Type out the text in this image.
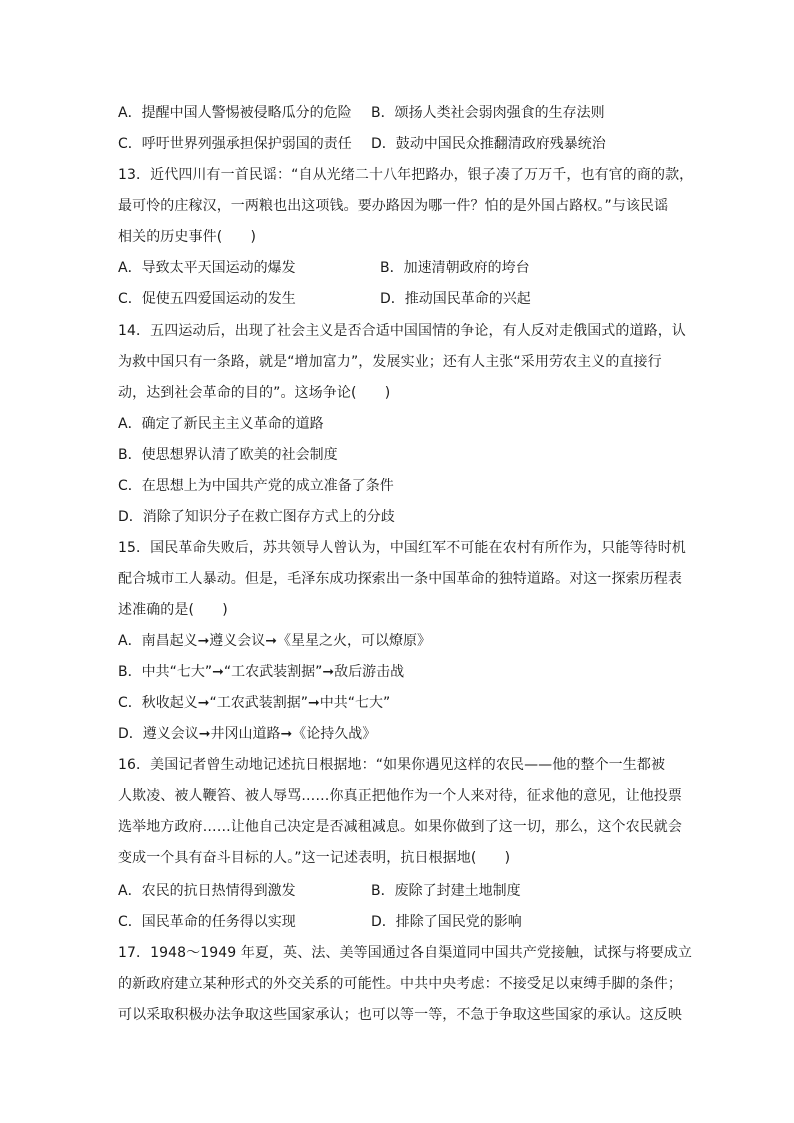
A．提醒中国人警惕被侵略瓜分的危险 B．颂扬人类社会弱肉强食的生存法则
C．呼吁世界列强承担保护弱国的责任 D．鼓动中国民众推翻清政府残暴统治
13．近代四川有一首民谣：“自从光绪二十八年把路办，银子凑了万万千，也有官的商的款，
最可怜的庄稼汉，一两粮也出这项钱。要办路因为哪一件？怕的是外国占路权。”与该民谣
相关的历史事件(　　)
A．导致太平天国运动的爆发	B．加速清朝政府的垮台
C．促使五四爱国运动的发生	D．推动国民革命的兴起
14．五四运动后，出现了社会主义是否合适中国国情的争论，有人反对走俄国式的道路，认
为救中国只有一条路，就是“增加富力”，发展实业；还有人主张“采用劳农主义的直接行
动，达到社会革命的目的”。这场争论(　　)
A．确定了新民主主义革命的道路
B．使思想界认清了欧美的社会制度
C．在思想上为中国共产党的成立准备了条件
D．消除了知识分子在救亡图存方式上的分歧
15．国民革命失败后，苏共领导人曾认为，中国红军不可能在农村有所作为，只能等待时机
配合城市工人暴动。但是，毛泽东成功探索出一条中国革命的独特道路。对这一探索历程表
述准确的是(　　)
A．南昌起义➞遵义会议➞《星星之火，可以燎原》
B．中共“七大”➞“工农武装割据”➞敌后游击战
C．秋收起义➞“工农武装割据”➞中共“七大”
D．遵义会议➞井冈山道路➞《论持久战》
16．美国记者曾生动地记述抗日根据地：“如果你遇见这样的农民——他的整个一生都被
人欺凌、被人鞭笞、被人辱骂……你真正把他作为一个人来对待，征求他的意见，让他投票
选举地方政府……让他自己决定是否减租减息。如果你做到了这一切，那么，这个农民就会
变成一个具有奋斗目标的人。”这一记述表明，抗日根据地(　　)
A．农民的抗日热情得到激发	B．废除了封建土地制度
C．国民革命的任务得以实现	D．排除了国民党的影响
17．1948～1949 年夏，英、法、美等国通过各自渠道同中国共产党接触，试探与将要成立
的新政府建立某种形式的外交关系的可能性。中共中央考虑：不接受足以束缚手脚的条件；
可以采取积极办法争取这些国家承认；也可以等一等，不急于争取这些国家的承认。这反映
